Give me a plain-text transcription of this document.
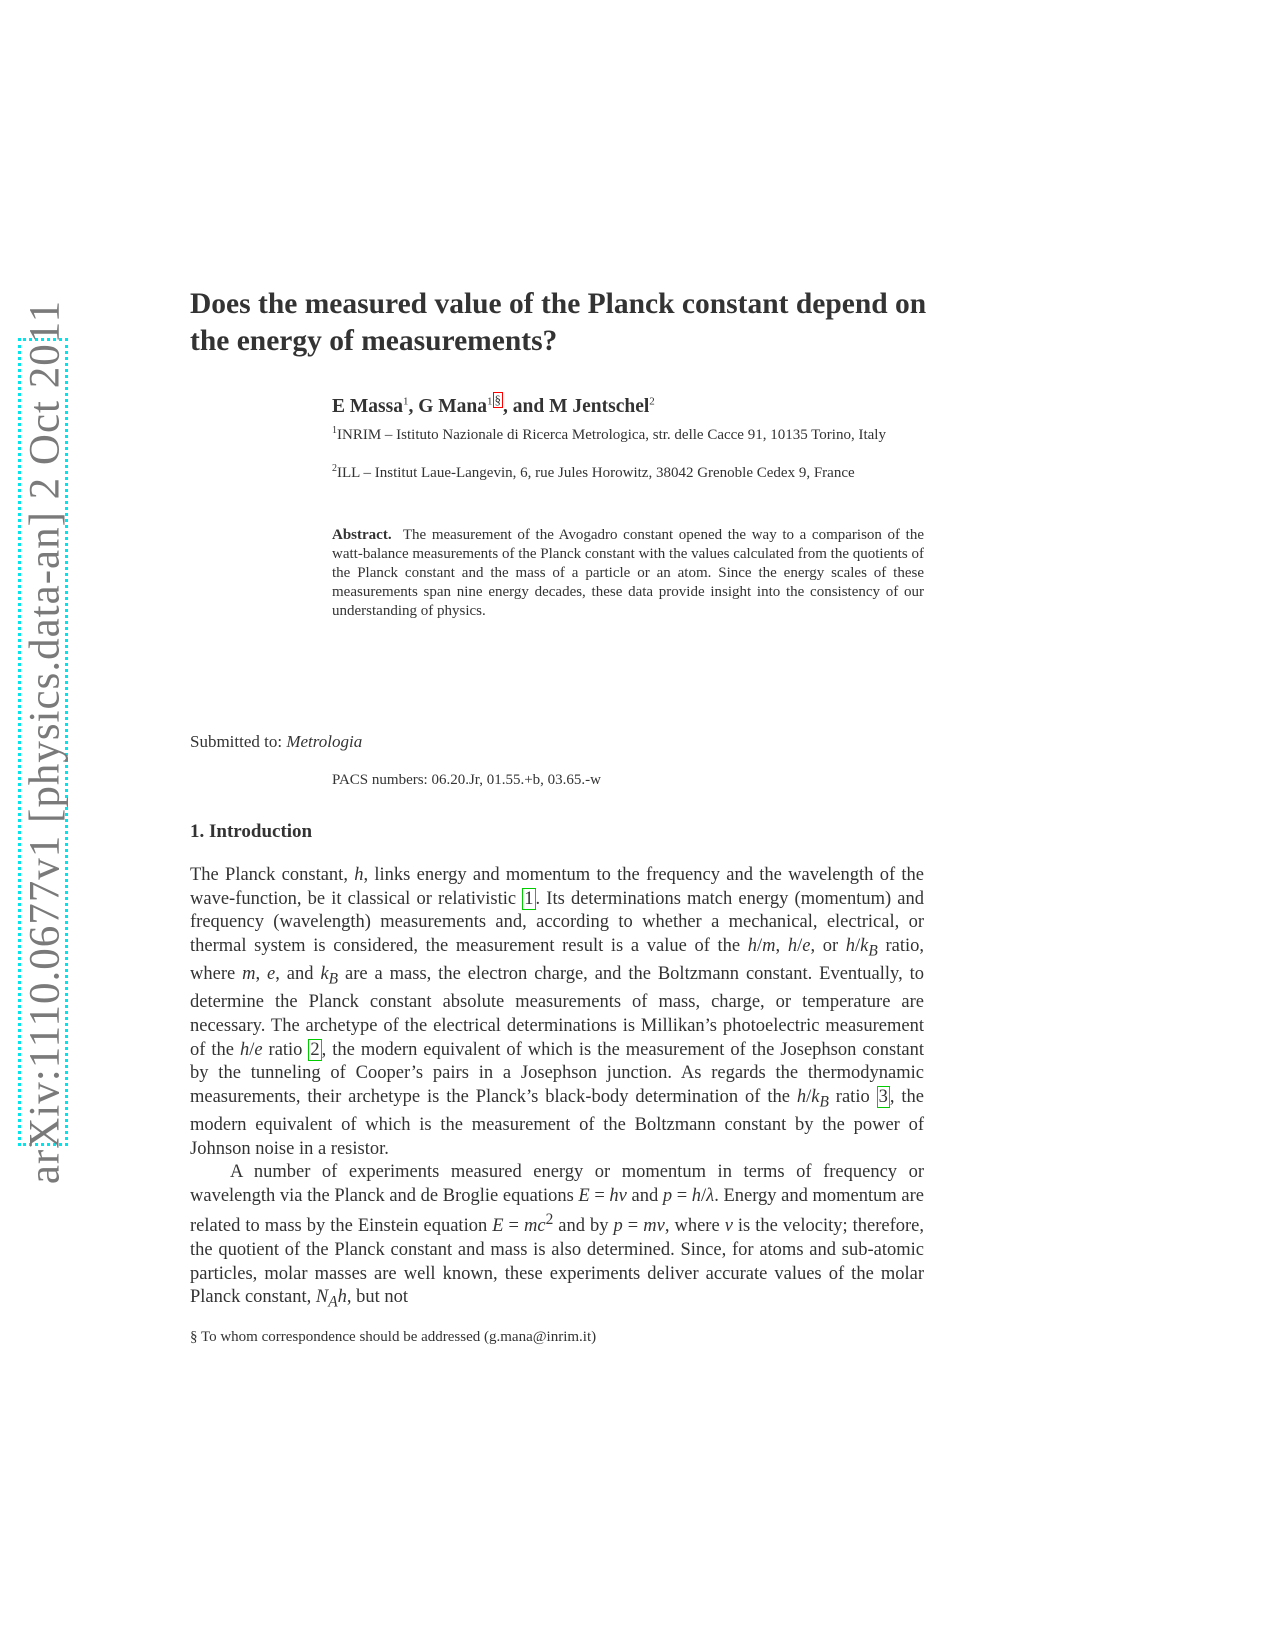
arXiv:1110.0677v1 [physics.data-an] 2 Oct 2011	Does the measured value of the Planck constant depend on the energy of measurements?
E Massa$^1$, G Mana$^1$ § , and M Jentschel$^2$
$^1$INRIM – Istituto Nazionale di Ricerca Metrologica, str. delle Cacce 91, 10135 Torino, Italy
$^2$ILL – Institut Laue-Langevin, 6, rue Jules Horowitz, 38042 Grenoble Cedex 9, France
Abstract. The measurement of the Avogadro constant opened the way to a comparison of the watt-balance measurements of the Planck constant with the values calculated from the quotients of the Planck constant and the mass of a particle or an atom. Since the energy scales of these measurements span nine energy decades, these data provide insight into the consistency of our understanding of physics.
Submitted to: Metrologia
PACS numbers: 06.20.Jr, 01.55.+b, 03.65.-w
1. Introduction

The Planck constant, h, links energy and momentum to the frequency and the wavelength of the wave-function, be it classical or relativistic 1 . Its determinations match energy (momentum) and frequency (wavelength) measurements and, according to whether a mechanical, electrical, or thermal system is considered, the measurement result is a value of the h/m, h/e, or $h/k_B$ ratio, where m, e, and $k_B$ are a mass, the electron charge, and the Boltzmann constant. Eventually, to determine the Planck constant absolute measurements of mass, charge, or temperature are necessary. The archetype of the electrical determinations is Millikan’s photoelectric measurement of the h/e ratio 2 , the modern equivalent of which is the measurement of the Josephson constant by the tunneling of Cooper’s pairs in a Josephson junction. As regards the thermodynamic measurements, their archetype is the Planck’s black-body determination of the $h/k_B$ ratio 3 , the modern equivalent of which is the measurement of the Boltzmann constant by the power of Johnson noise in a resistor.

A number of experiments measured energy or momentum in terms of frequency or wavelength via the Planck and de Broglie equations E = hν and p = h/λ. Energy and momentum are related to mass by the Einstein equation $E = mc^2$ and by p = mv, where v is the velocity; therefore, the quotient of the Planck constant and mass is also determined. Since, for atoms and sub-atomic particles, molar masses are well known, these experiments deliver accurate values of the molar Planck constant, $N_Ah$, but not

§ To whom correspondence should be addressed (g.mana@inrim.it)
